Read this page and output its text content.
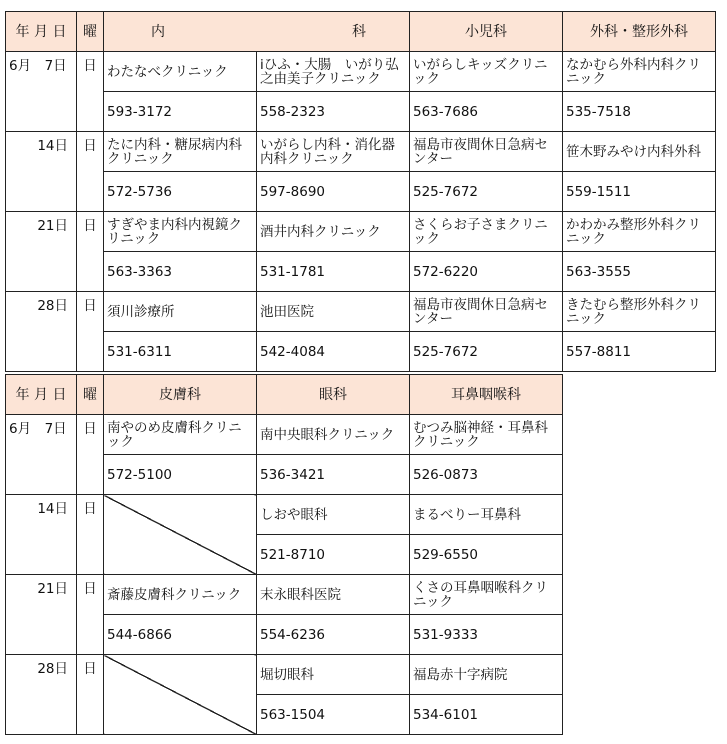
年 月 日	曜	内 科		小児科	外科・整形外科
6月　7日	日	わたなべクリニック	iひふ・大腸　いがり弘之由美子クリニック	いがらしキッズクリニック	なかむら外科内科クリニック
		593-3172	558-2323	563-7686	535-7518
14日	日	たに内科・糖尿病内科クリニック	いがらし内科・消化器内科クリニック	福島市夜間休日急病センター	笹木野みやけ内科外科
		572-5736	597-8690	525-7672	559-1511
21日	日	すぎやま内科内視鏡クリニック	酒井内科クリニック	さくらお子さまクリニック	かわかみ整形外科クリニック
		563-3363	531-1781	572-6220	563-3555
28日	日	須川診療所	池田医院	福島市夜間休日急病センター	きたむら整形外科クリニック
		531-6311	542-4084	525-7672	557-8811
年 月 日	曜	皮膚科	眼科	耳鼻咽喉科
6月　7日	日	南やのめ皮膚科クリニック	南中央眼科クリニック	むつみ脳神経・耳鼻科クリニック
		572-5100	536-3421	526-0873
14日	日		しおや眼科	まるべりー耳鼻科
			521-8710	529-6550
21日	日	斎藤皮膚科クリニック	末永眼科医院	くさの耳鼻咽喉科クリニック
		544-6866	554-6236	531-9333
28日	日		堀切眼科	福島赤十字病院
			563-1504	534-6101
